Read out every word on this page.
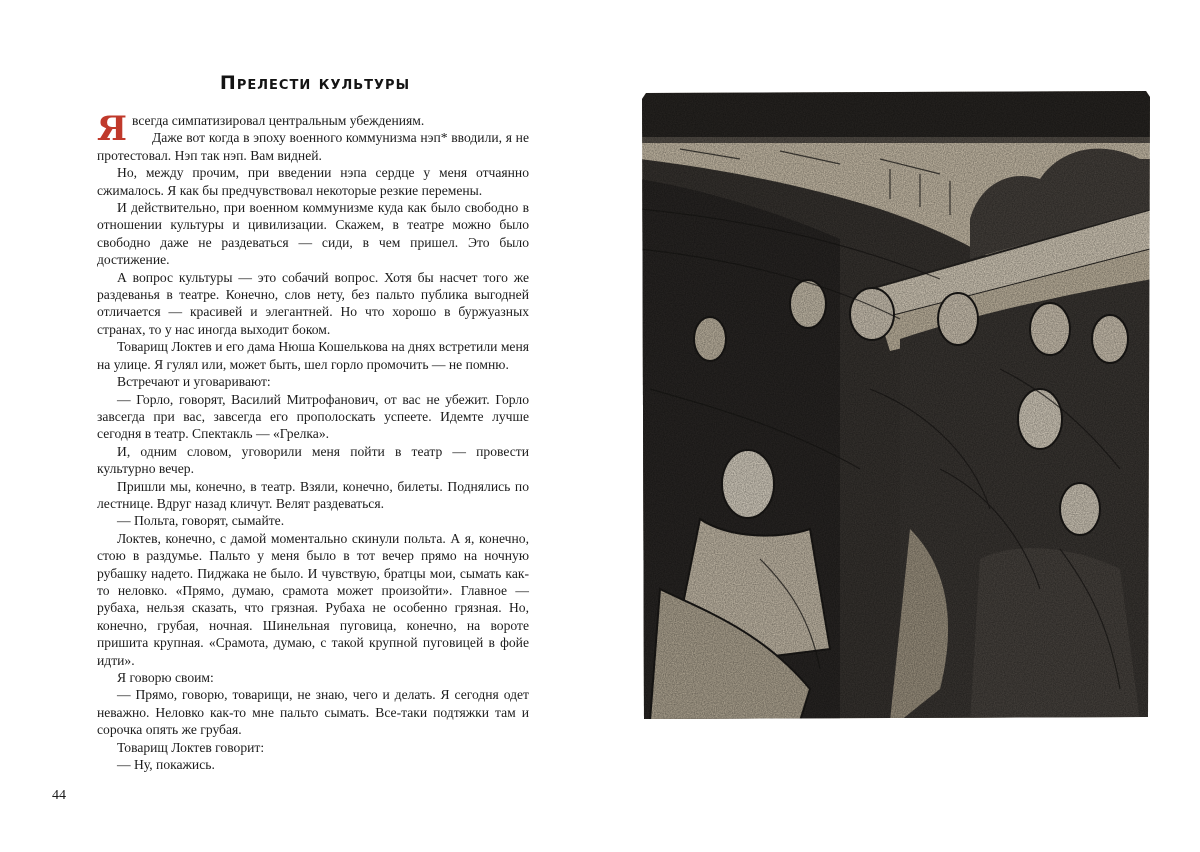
Прелести культуры

Я всегда симпатизировал центральным убеждениям.

Даже вот когда в эпоху военного коммунизма нэп* вводили, я не протестовал. Нэп так нэп. Вам видней.

Но, между прочим, при введении нэпа сердце у меня отчаянно сжималось. Я как бы предчувствовал некоторые резкие перемены.

И действительно, при военном коммунизме куда как было свободно в отношении культуры и цивилизации. Скажем, в театре можно было свободно даже не раздеваться — сиди, в чем пришел. Это было достижение.

А вопрос культуры — это собачий вопрос. Хотя бы насчет того же раздеванья в театре. Конечно, слов нету, без пальто публика выгодней отличается — красивей и элегантней. Но что хорошо в буржуазных странах, то у нас иногда выходит боком.

Товарищ Локтев и его дама Нюша Кошелькова на днях встретили меня на улице. Я гулял или, может быть, шел горло промочить — не помню.

Встречают и уговаривают:

— Горло, говорят, Василий Митрофанович, от вас не убежит. Горло завсегда при вас, завсегда его прополоскать успеете. Идемте лучше сегодня в театр. Спектакль — «Грелка».

И, одним словом, уговорили меня пойти в театр — провести культурно вечер.

Пришли мы, конечно, в театр. Взяли, конечно, билеты. Поднялись по лестнице. Вдруг назад кличут. Велят раздеваться.

— Польта, говорят, сымайте.

Локтев, конечно, с дамой моментально скинули польта. А я, конечно, стою в раздумье. Пальто у меня было в тот вечер прямо на ночную рубашку надето. Пиджака не было. И чувствую, братцы мои, сымать как-то неловко. «Прямо, думаю, срамота может произойти». Главное — рубаха, нельзя сказать, что грязная. Рубаха не особенно грязная. Но, конечно, грубая, ночная. Шинельная пуговица, конечно, на вороте пришита крупная. «Срамота, думаю, с такой крупной пуговицей в фойе идти».

Я говорю своим:

— Прямо, говорю, товарищи, не знаю, чего и делать. Я сегодня одет неважно. Неловко как-то мне пальто сымать. Все-таки подтяжки там и сорочка опять же грубая.

Товарищ Локтев говорит:

— Ну, покажись.

44
